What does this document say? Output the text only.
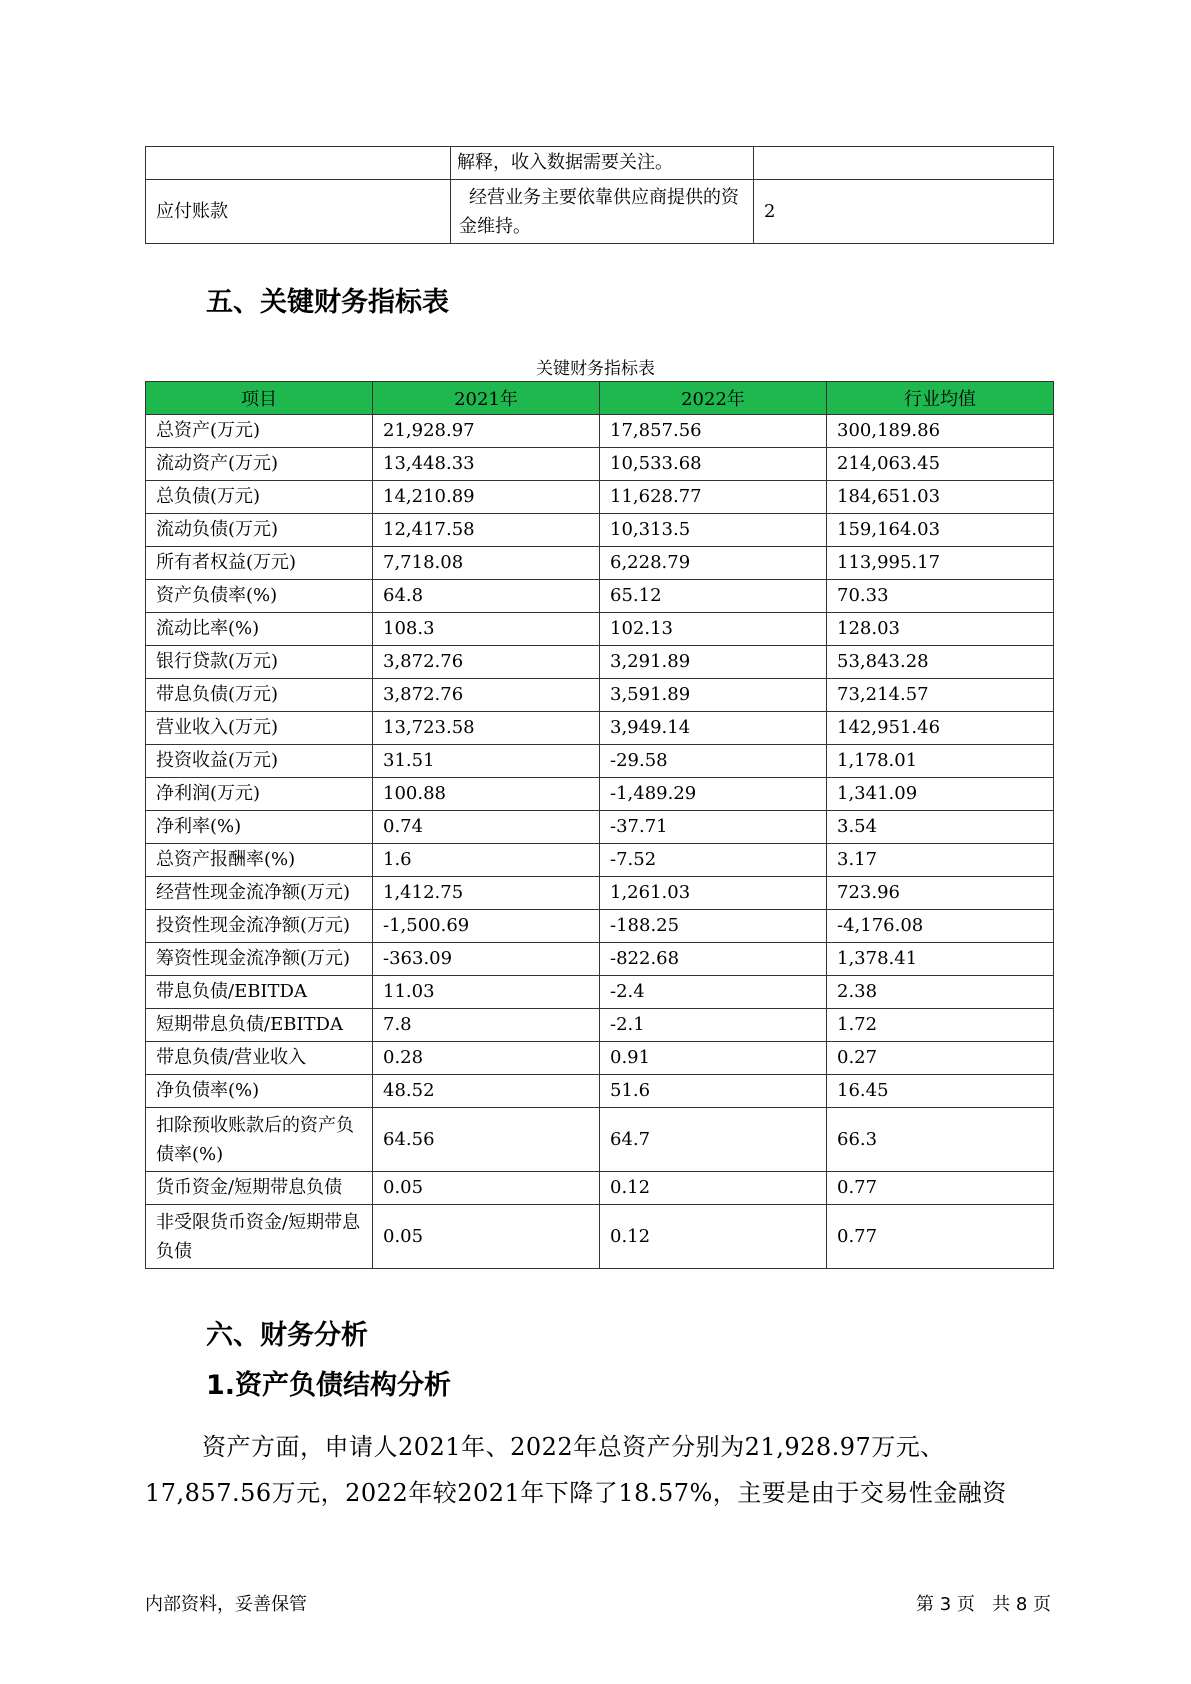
	解释，收入数据需要关注。	
应付账款	经营业务主要依靠供应商提供的资金维持。	2
五、关键财务指标表
关键财务指标表
项目	2021年	2022年	行业均值
总资产(万元)	21,928.97	17,857.56	300,189.86
流动资产(万元)	13,448.33	10,533.68	214,063.45
总负债(万元)	14,210.89	11,628.77	184,651.03
流动负债(万元)	12,417.58	10,313.5	159,164.03
所有者权益(万元)	7,718.08	6,228.79	113,995.17
资产负债率(%)	64.8	65.12	70.33
流动比率(%)	108.3	102.13	128.03
银行贷款(万元)	3,872.76	3,291.89	53,843.28
带息负债(万元)	3,872.76	3,591.89	73,214.57
营业收入(万元)	13,723.58	3,949.14	142,951.46
投资收益(万元)	31.51	-29.58	1,178.01
净利润(万元)	100.88	-1,489.29	1,341.09
净利率(%)	0.74	-37.71	3.54
总资产报酬率(%)	1.6	-7.52	3.17
经营性现金流净额(万元)	1,412.75	1,261.03	723.96
投资性现金流净额(万元)	-1,500.69	-188.25	-4,176.08
筹资性现金流净额(万元)	-363.09	-822.68	1,378.41
带息负债/EBITDA	11.03	-2.4	2.38
短期带息负债/EBITDA	7.8	-2.1	1.72
带息负债/营业收入	0.28	0.91	0.27
净负债率(%)	48.52	51.6	16.45
扣除预收账款后的资产负债率(%)	64.56	64.7	66.3
货币资金/短期带息负债	0.05	0.12	0.77
非受限货币资金/短期带息负债	0.05	0.12	0.77
六、财务分析
1.资产负债结构分析
资产方面，申请人2021年、2022年总资产分别为21,928.97万元、
17,857.56万元，2022年较2021年下降了18.57%，主要是由于交易性金融资
内部资料，妥善保管	第 3 页   共 8 页
